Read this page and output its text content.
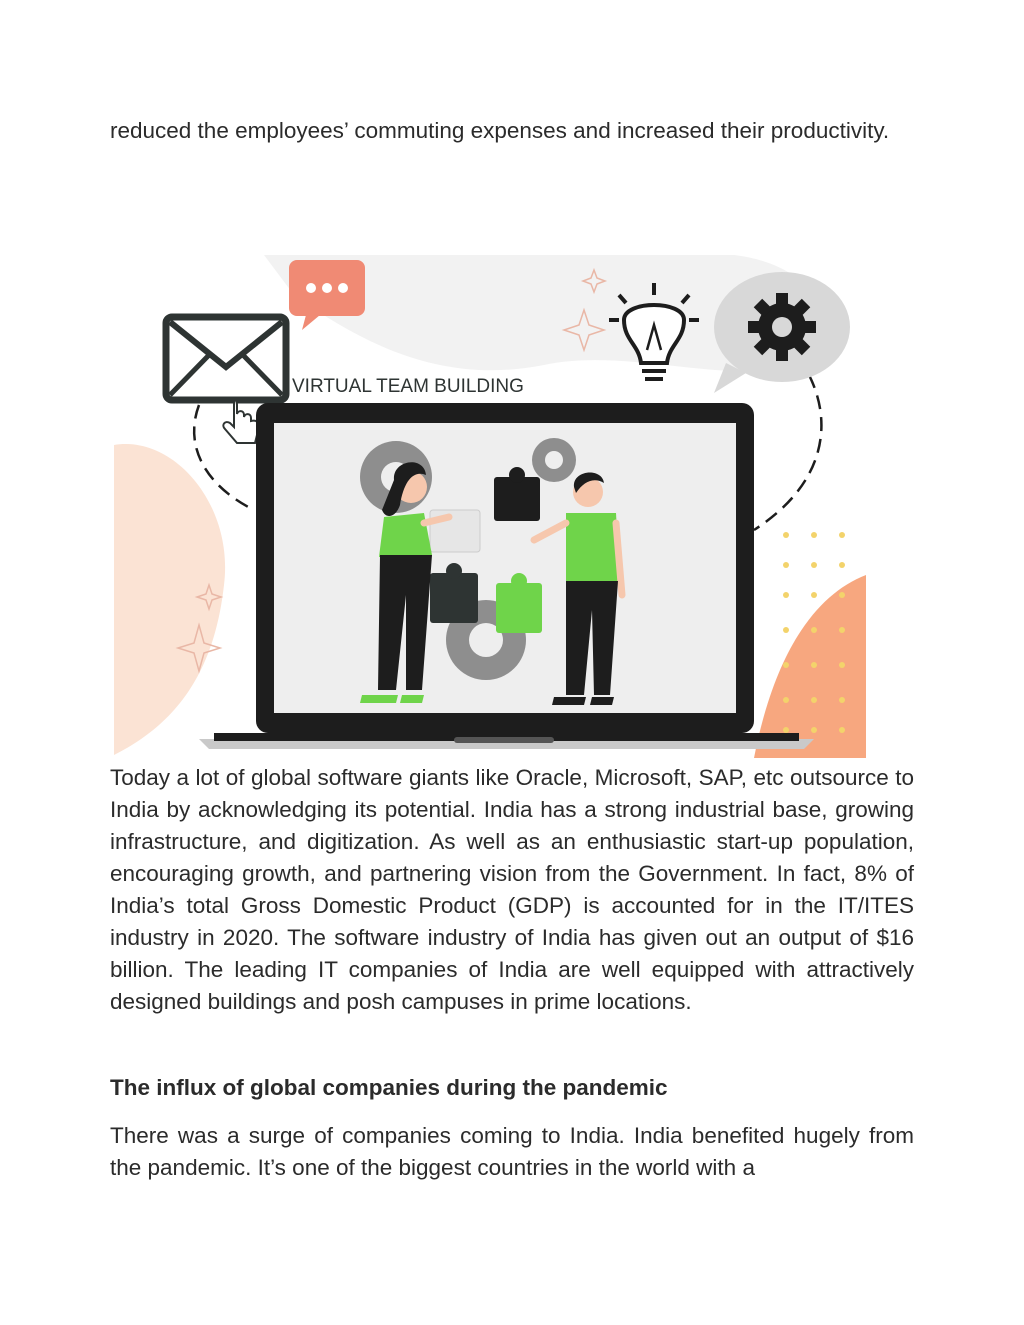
reduced the employees’ commuting expenses and increased their productivity.

VIRTUAL TEAM BUILDING

Today a lot of global software giants like Oracle, Microsoft, SAP, etc outsource to India by acknowledging its potential. India has a strong industrial base, growing infrastructure, and digitization. As well as an enthusiastic start-up population, encouraging growth, and partnering vision from the Government. In fact, 8% of India’s total Gross Domestic Product (GDP) is accounted for in the IT/ITES industry in 2020. The software industry of India has given out an output of $16 billion. The leading IT companies of India are well equipped with attractively designed buildings and posh campuses in prime locations.

The influx of global companies during the pandemic

There was a surge of companies coming to India. India benefited hugely from the pandemic. It’s one of the biggest countries in the world with a
